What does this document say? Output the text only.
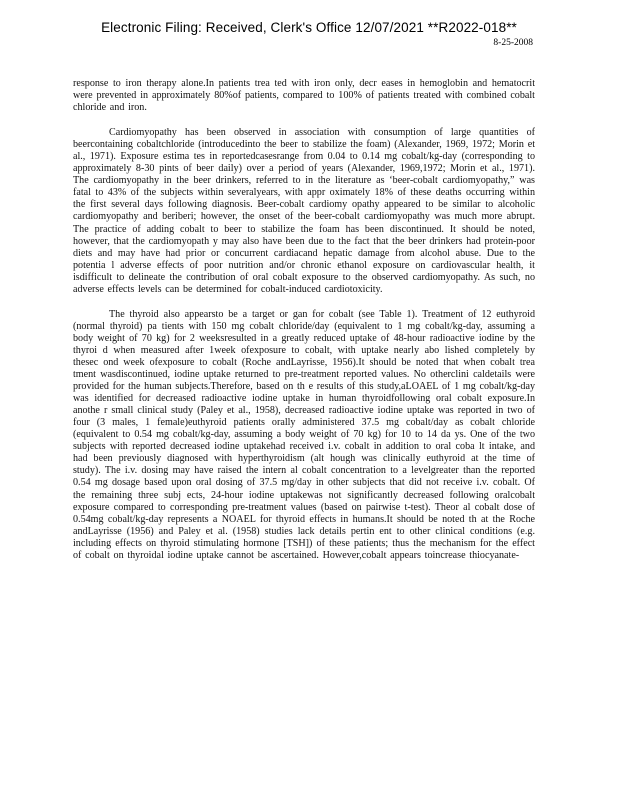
Electronic Filing: Received, Clerk's Office 12/07/2021 **R2022-018**
8-25-2008

response to iron therapy alone.In patients trea ted with iron only, decr eases in hemoglobin and hematocrit were prevented in approximately 80%of patients, compared to 100% of patients treated with combined cobalt chloride and iron.

Cardiomyopathy has been observed in association with consumption of large quantities of beercontaining cobaltchloride (introducedinto the beer to stabilize the foam) (Alexander, 1969, 1972; Morin et al., 1971). Exposure estima tes in reportedcasesrange from 0.04 to 0.14 mg cobalt/kg-day (corresponding to approximately 8-30 pints of beer daily) over a period of years (Alexander, 1969,1972; Morin et al., 1971). The cardiomyopathy in the beer drinkers, referred to in the literature as ‘beer-cobalt cardiomyopathy,” was fatal to 43% of the subjects within severalyears, with appr oximately 18% of these deaths occurring within the first several days following diagnosis. Beer-cobalt cardiomy opathy appeared to be similar to alcoholic cardiomyopathy and beriberi; however, the onset of the beer-cobalt cardiomyopathy was much more abrupt. The practice of adding cobalt to beer to stabilize the foam has been discontinued. It should be noted, however, that the cardiomyopath y may also have been due to the fact that the beer drinkers had protein-poor diets and may have had prior or concurrent cardiacand hepatic damage from alcohol abuse. Due to the potentia l adverse effects of poor nutrition and/or chronic ethanol exposure on cardiovascular health, it isdifficult to delineate the contribution of oral cobalt exposure to the observed cardiomyopathy. As such, no adverse effects levels can be determined for cobalt-induced cardiotoxicity.

The thyroid also appearsto be a target or gan for cobalt (see Table 1). Treatment of 12 euthyroid (normal thyroid) pa tients with 150 mg cobalt chloride/day (equivalent to 1 mg cobalt/kg-day, assuming a body weight of 70 kg) for 2 weeksresulted in a greatly reduced uptake of 48-hour radioactive iodine by the thyroi d when measured after 1week ofexposure to cobalt, with uptake nearly abo lished completely by thesec ond week ofexposure to cobalt (Roche andLayrisse, 1956).It should be noted that when cobalt trea tment wasdiscontinued, iodine uptake returned to pre-treatment reported values. No otherclini caldetails were provided for the human subjects.Therefore, based on th e results of this study,aLOAEL of 1 mg cobalt/kg-day was identified for decreased radioactive iodine uptake in human thyroidfollowing oral cobalt exposure.In anothe r small clinical study (Paley et al., 1958), decreased radioactive iodine uptake was reported in two of four (3 males, 1 female)euthyroid patients orally administered 37.5 mg cobalt/day as cobalt chloride (equivalent to 0.54 mg cobalt/kg-day, assuming a body weight of 70 kg) for 10 to 14 da ys. One of the two subjects with reported decreased iodine uptakehad received i.v. cobalt in addition to oral coba lt intake, and had been previously diagnosed with hyperthyroidism (alt hough was clinically euthyroid at the time of study). The i.v. dosing may have raised the intern al cobalt concentration to a levelgreater than the reported 0.54 mg dosage based upon oral dosing of 37.5 mg/day in other subjects that did not receive i.v. cobalt. Of the remaining three subj ects, 24-hour iodine uptakewas not significantly decreased following oralcobalt exposure compared to corresponding pre-treatment values (based on pairwise t-test). Theor al cobalt dose of 0.54mg cobalt/kg-day represents a NOAEL for thyroid effects in humans.It should be noted th at the Roche andLayrisse (1956) and Paley et al. (1958) studies lack details pertin ent to other clinical conditions (e.g. including effects on thyroid stimulating hormone [TSH]) of these patients; thus the mechanism for the effect of cobalt on thyroidal iodine uptake cannot be ascertained. However,cobalt appears toincrease thiocyanate-
